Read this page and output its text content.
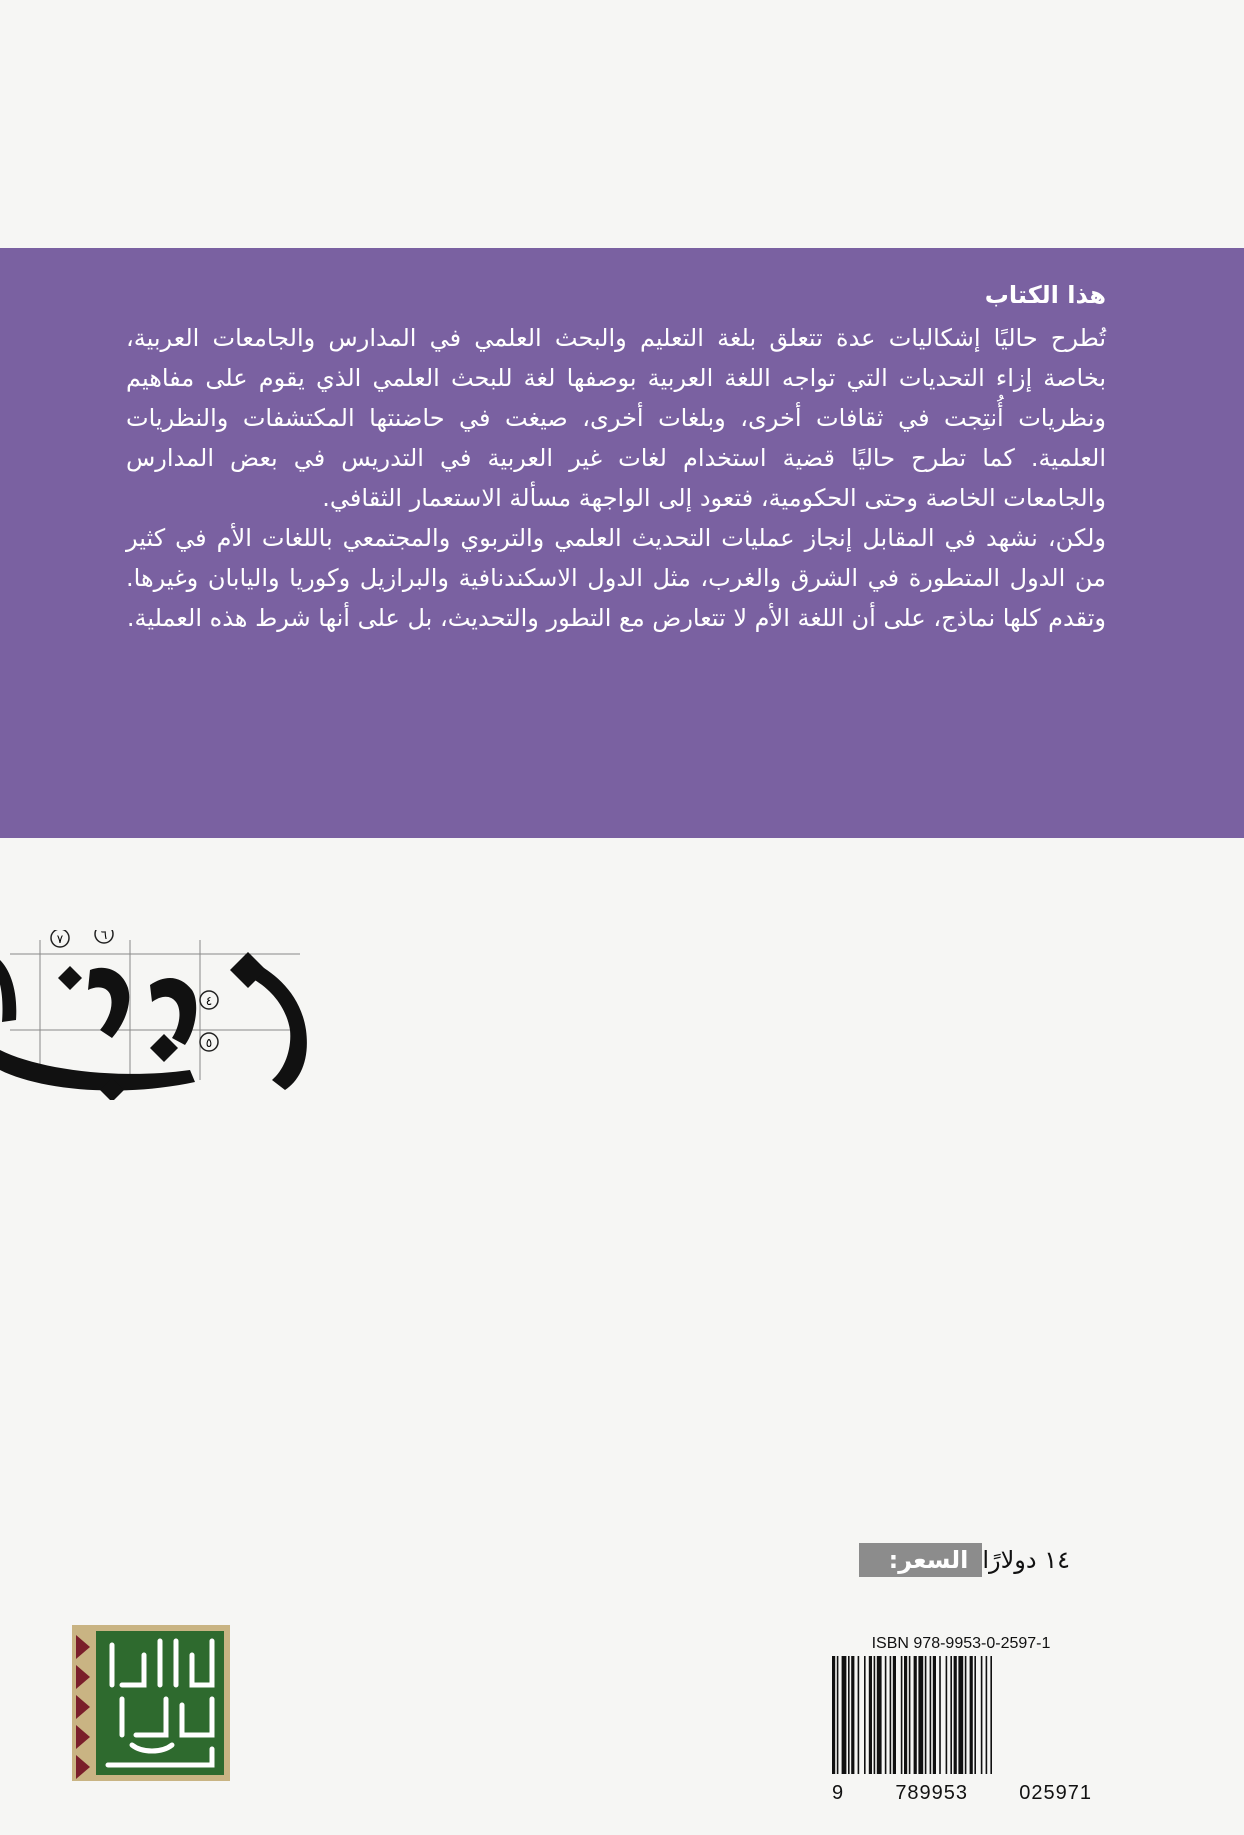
هذا الكتاب

تُطرح حاليًا إشكاليات عدة تتعلق بلغة التعليم والبحث العلمي في المدارس والجامعات العربية، بخاصة إزاء التحديات التي تواجه اللغة العربية بوصفها لغة للبحث العلمي الذي يقوم على مفاهيم ونظريات أُنتِجت في ثقافات أخرى، وبلغات أخرى، صيغت في حاضنتها المكتشفات والنظريات العلمية. كما تطرح حاليًا قضية استخدام لغات غير العربية في التدريس في بعض المدارس والجامعات الخاصة وحتى الحكومية، فتعود إلى الواجهة مسألة الاستعمار الثقافي.

ولكن، نشهد في المقابل إنجاز عمليات التحديث العلمي والتربوي والمجتمعي باللغات الأم في كثير من الدول المتطورة في الشرق والغرب، مثل الدول الاسكندنافية والبرازيل وكوريا واليابان وغيرها. وتقدم كلها نماذج، على أن اللغة الأم لا تتعارض مع التطور والتحديث، بل على أنها شرط هذه العملية.

٧	٦
٤
٥
السعر: ١٤ دولارًا
ISBN 978-9953-0-2597-1
9	789953	025971
